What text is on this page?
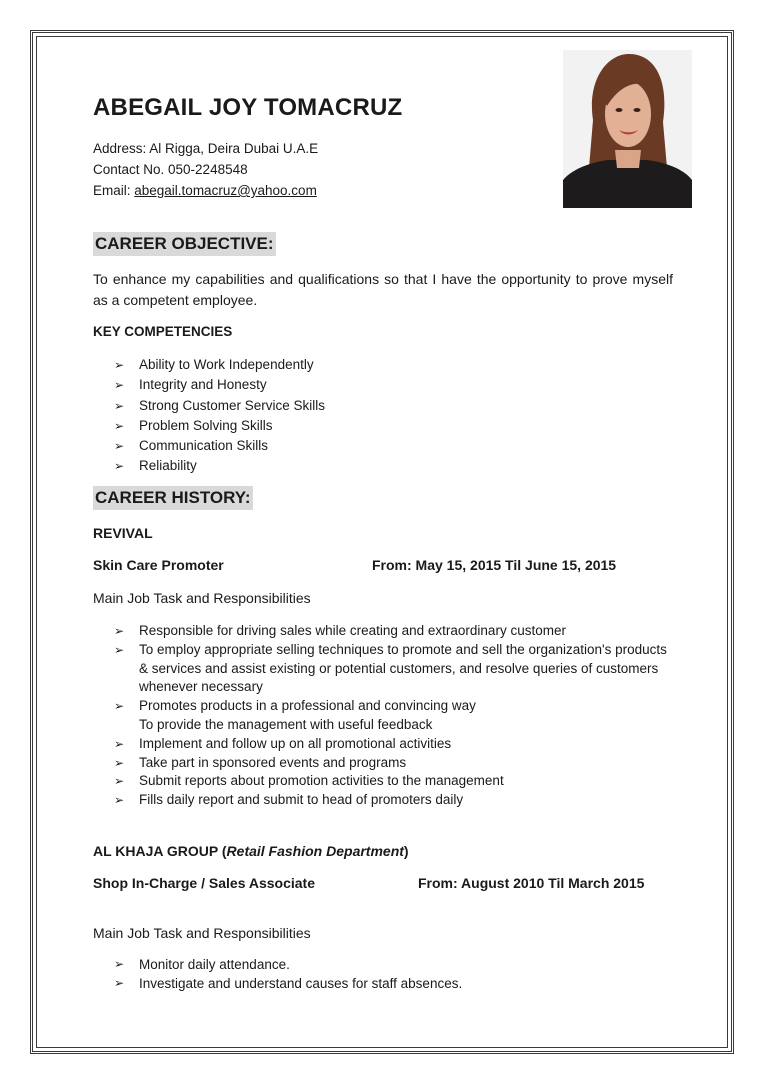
ABEGAIL JOY TOMACRUZ
Address: Al Rigga, Deira Dubai U.A.E
Contact No. 050-2248548
Email: abegail.tomacruz@yahoo.com
CAREER OBJECTIVE:
To enhance my capabilities and qualifications so that I have the opportunity to prove myself as a competent employee.
KEY COMPETENCIES
➢ Ability to Work Independently
➢ Integrity and Honesty
➢ Strong Customer Service Skills
➢ Problem Solving Skills
➢ Communication Skills
➢ Reliability
CAREER HISTORY:
REVIVAL
Skin Care Promoter	From: May 15, 2015 Til June 15, 2015
Main Job Task and Responsibilities
➢ Responsible for driving sales while creating and extraordinary customer
➢ To employ appropriate selling techniques to promote and sell the organization's products & services and assist existing or potential customers, and resolve queries of customers whenever necessary
➢ Promotes products in a professional and convincing way
To provide the management with useful feedback
➢ Implement and follow up on all promotional activities
➢ Take part in sponsored events and programs
➢ Submit reports about promotion activities to the management
➢ Fills daily report and submit to head of promoters daily
AL KHAJA GROUP (Retail Fashion Department)
Shop In-Charge / Sales Associate	From: August 2010 Til March 2015
Main Job Task and Responsibilities
➢ Monitor daily attendance.
➢ Investigate and understand causes for staff absences.
